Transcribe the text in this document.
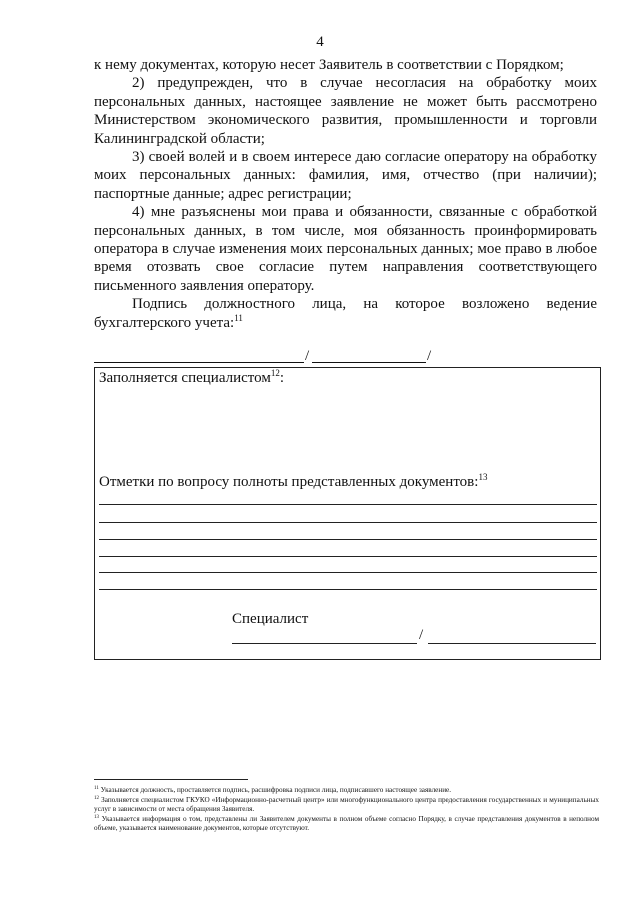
4

к нему документах, которую несет Заявитель в соответствии с Порядком;

2) предупрежден, что в случае несогласия на обработку моих персональных данных, настоящее заявление не может быть рассмотрено Министерством экономического развития, промышленности и торговли Калининградской области;

3) своей волей и в своем интересе даю согласие оператору на обработку моих персональных данных: фамилия, имя, отчество (при наличии); паспортные данные; адрес регистрации;

4) мне разъяснены мои права и обязанности, связанные с обработкой персональных данных, в том числе, моя обязанность проинформировать оператора в случае изменения моих персональных данных; мое право в любое время отозвать свое согласие путем направления соответствующего письменного заявления оператору.

Подпись должностного лица, на которое возложено ведение бухгалтерского учета:$^{11}$

/	/
Заполняется специалистом$^{12}$:
Отметки по вопросу полноты представленных документов:$^{13}$
Специалист
/

$^{11}$ Указывается должность, проставляется подпись, расшифровка подписи лица, подписавшего настоящее заявление.

$^{12}$ Заполняется специалистом ГКУКО «Информационно-расчетный центр» или многофункционального центра предоставления государственных и муниципальных услуг в зависимости от места обращения Заявителя.

$^{13}$ Указывается информация о том, представлены ли Заявителем документы в полном объеме согласно Порядку, в случае представления документов в неполном объеме, указывается наименование документов, которые отсутствуют.
